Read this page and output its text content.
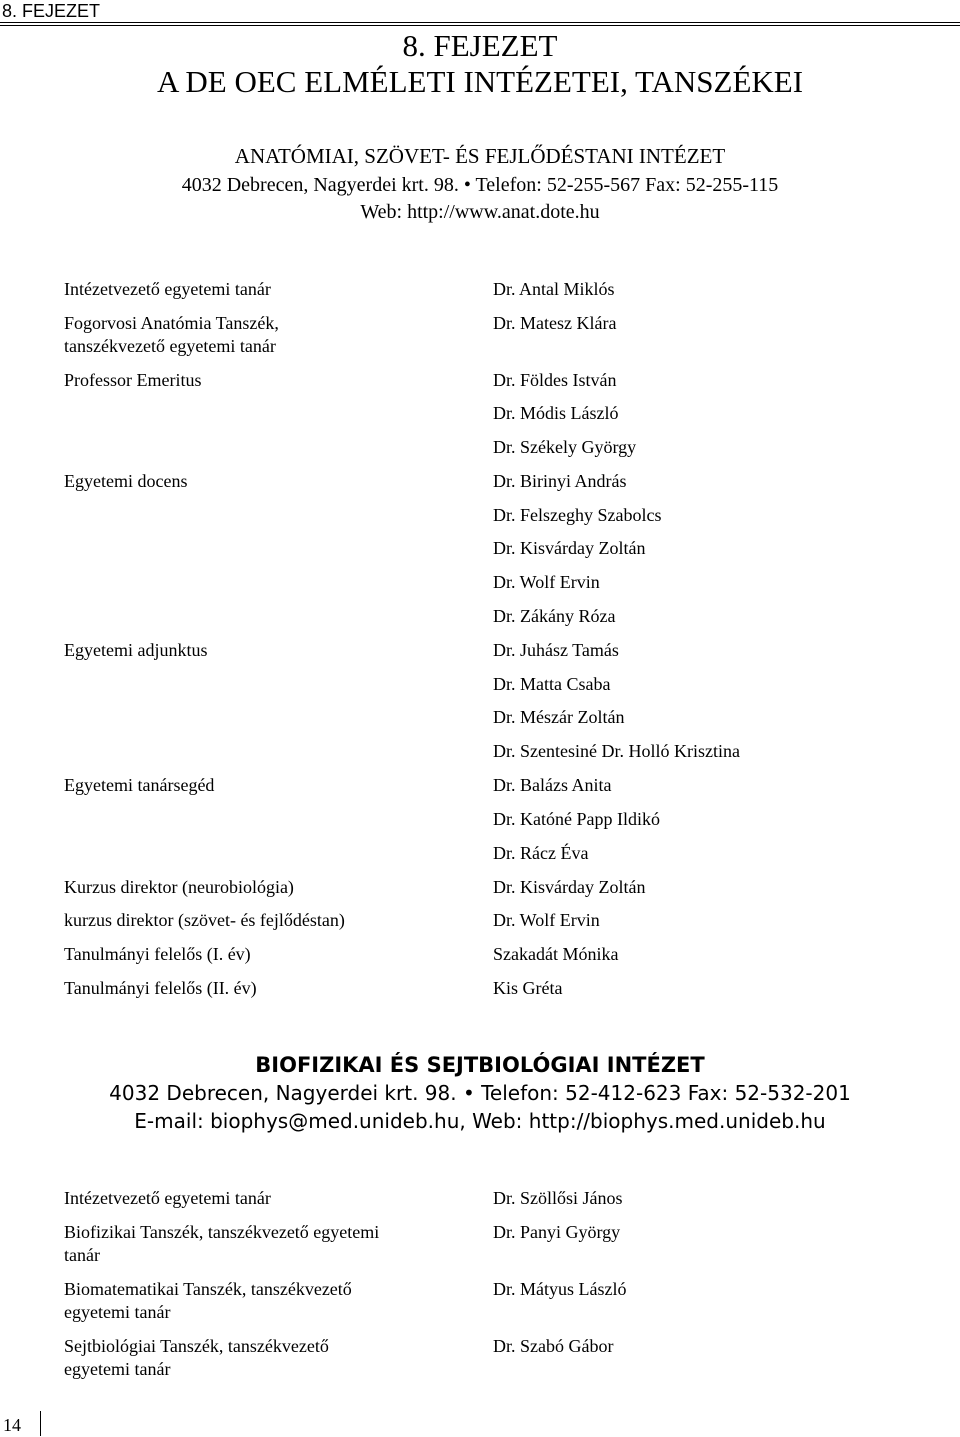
8. FEJEZET
8. FEJEZET
A DE OEC ELMÉLETI INTÉZETEI, TANSZÉKEI
ANATÓMIAI, SZÖVET- ÉS FEJLŐDÉSTANI INTÉZET
4032 Debrecen, Nagyerdei krt. 98. • Telefon: 52-255-567 Fax: 52-255-115
Web: http://www.anat.dote.hu
Intézetvezető egyetemi tanár
Fogorvosi Anatómia Tanszék,
tanszékvezető egyetemi tanár
Professor Emeritus
Egyetemi docens
Egyetemi adjunktus
Egyetemi tanársegéd
Kurzus direktor (neurobiológia)
kurzus direktor (szövet- és fejlődéstan)
Tanulmányi felelős (I. év)
Tanulmányi felelős (II. év)
Dr. Antal Miklós
Dr. Matesz Klára
Dr. Földes István
Dr. Módis László
Dr. Székely György
Dr. Birinyi András
Dr. Felszeghy Szabolcs
Dr. Kisvárday Zoltán
Dr. Wolf Ervin
Dr. Zákány Róza
Dr. Juhász Tamás
Dr. Matta Csaba
Dr. Mészár Zoltán
Dr. Szentesiné Dr. Holló Krisztina
Dr. Balázs Anita
Dr. Katóné Papp Ildikó
Dr. Rácz Éva
Dr. Kisvárday Zoltán
Dr. Wolf Ervin
Szakadát Mónika
Kis Gréta
BIOFIZIKAI ÉS SEJTBIOLÓGIAI INTÉZET
4032 Debrecen, Nagyerdei krt. 98. • Telefon: 52-412-623 Fax: 52-532-201
E-mail: biophys@med.unideb.hu, Web: http://biophys.med.unideb.hu
Intézetvezető egyetemi tanár
Biofizikai Tanszék, tanszékvezető egyetemi
tanár
Biomatematikai Tanszék, tanszékvezető
egyetemi tanár
Sejtbiológiai Tanszék, tanszékvezető
egyetemi tanár
Dr. Szöllősi János
Dr. Panyi György
Dr. Mátyus László
Dr. Szabó Gábor
14
